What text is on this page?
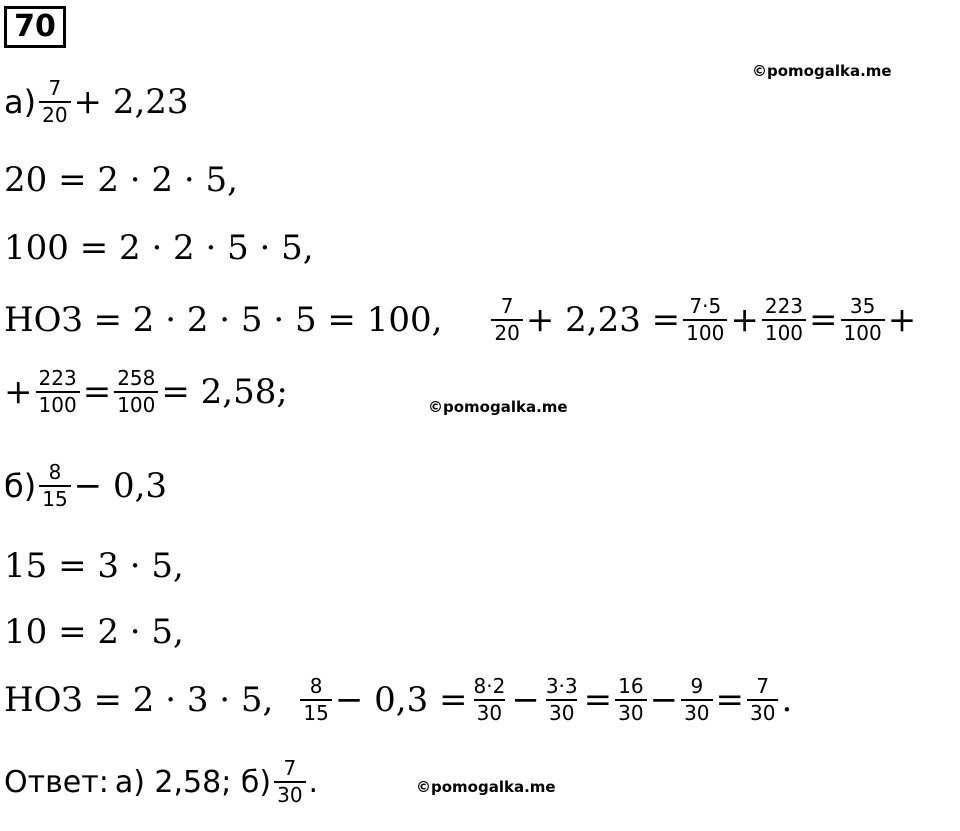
70
©pomogalka.me
©pomogalka.me
©pomogalka.me
$а) \frac{7}{20} + 2,23$
20 = 2 · 2 · 5,
100 = 2 · 2 · 5 · 5,
НОЗ = 2 · 2 · 5 · 5 = 100, $\frac{7}{20} + 2,23 = \frac{7\cdot 5}{100} + \frac{223}{100} = \frac{35}{100}$ +
+ $\frac{223}{100} = \frac{258}{100} = 2,58$;
$б) \frac{8}{15} - 0,3$
15 = 3 · 5,
10 = 2 · 5,
НОЗ = 2 · 3 · 5, $\frac{8}{15} - 0,3 = \frac{8\cdot 2}{30} - \frac{3\cdot 3}{30} = \frac{16}{30} - \frac{9}{30} = \frac{7}{30}$ .
Ответ: а) 2,58; $б) \frac{7}{30}$ .
